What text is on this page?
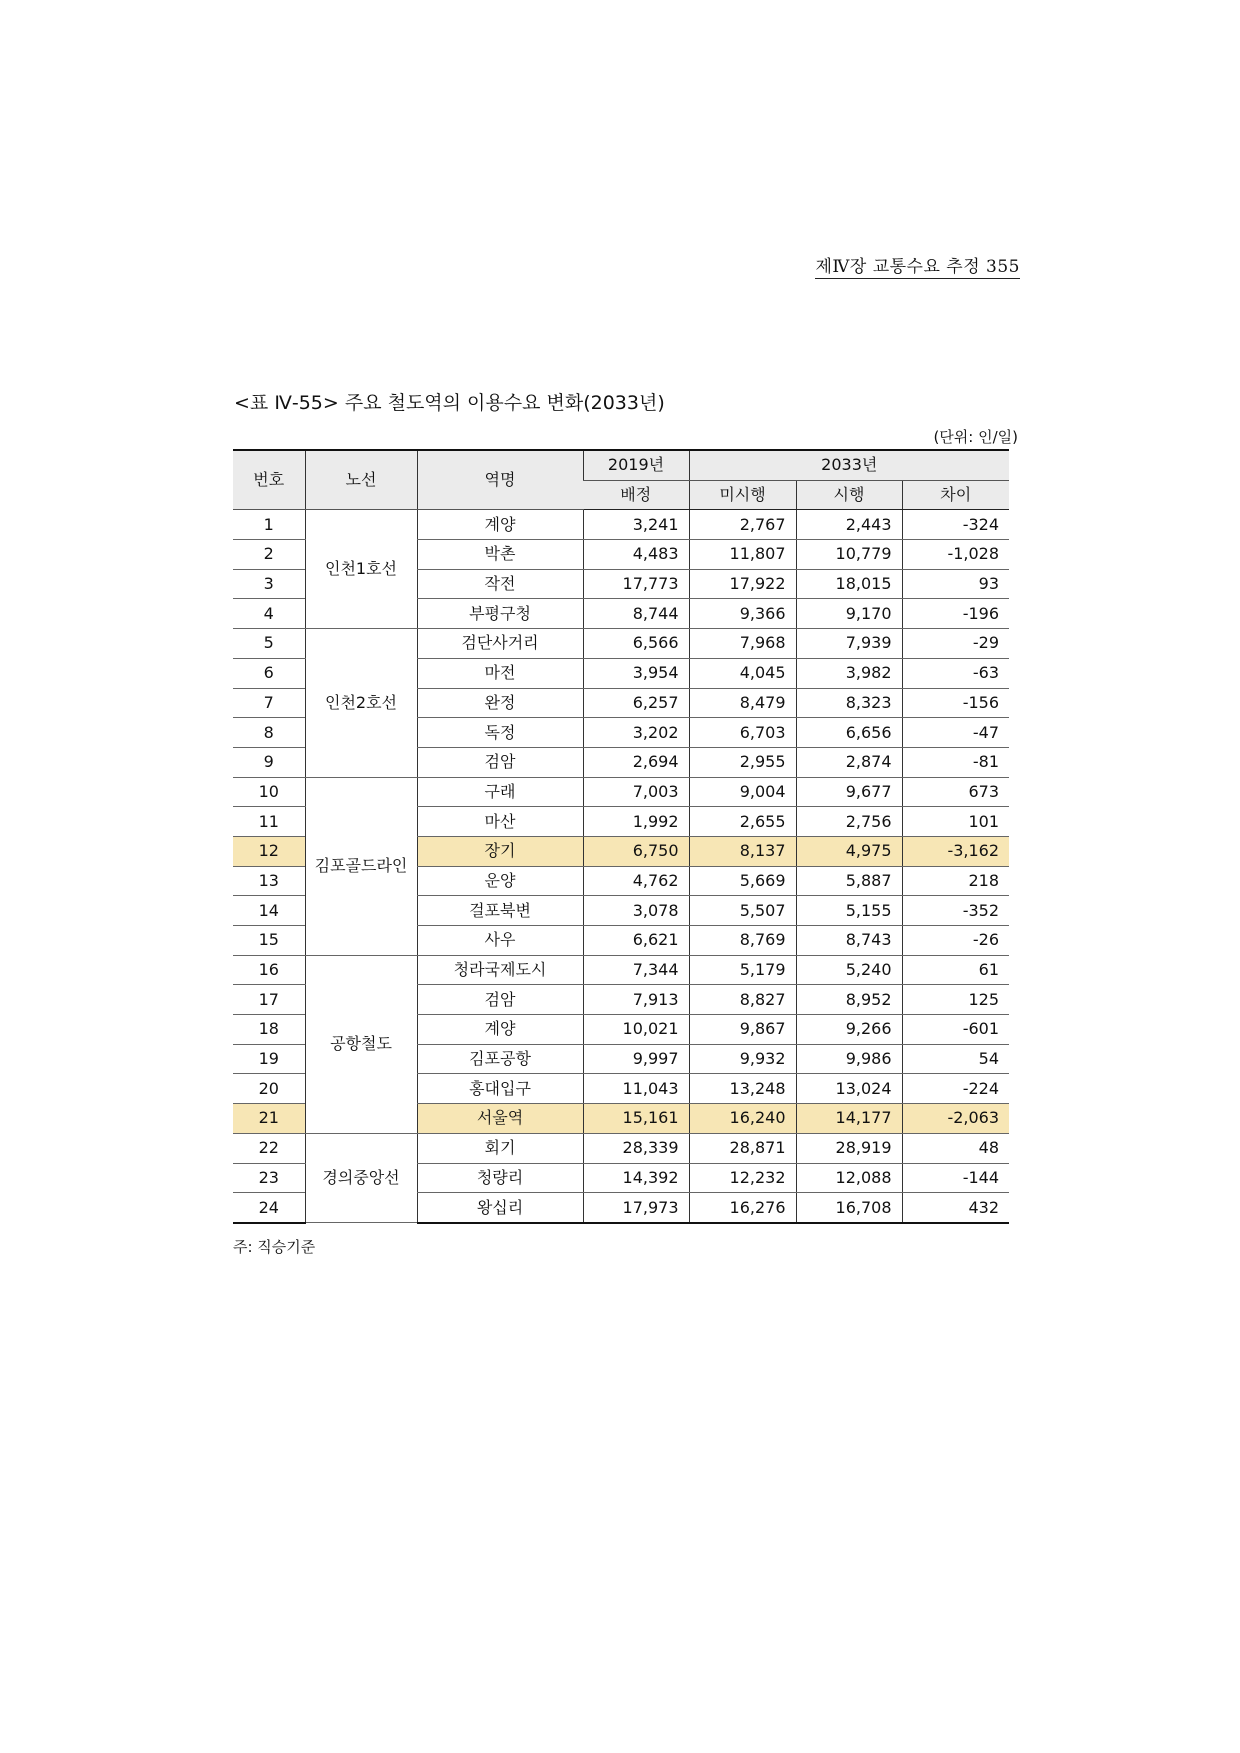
제Ⅳ장 교통수요 추정 355
<표 Ⅳ-55> 주요 철도역의 이용수요 변화(2033년)
(단위: 인/일)
번호	노선	역명	2019년	2033년		
			배정	미시행	시행	차이
1	인천1호선	계양	3,241	2,767	2,443	-324
2		박촌	4,483	11,807	10,779	-1,028
3		작전	17,773	17,922	18,015	93
4		부평구청	8,744	9,366	9,170	-196
5	인천2호선	검단사거리	6,566	7,968	7,939	-29
6		마전	3,954	4,045	3,982	-63
7		완정	6,257	8,479	8,323	-156
8		독정	3,202	6,703	6,656	-47
9		검암	2,694	2,955	2,874	-81
10	김포골드라인	구래	7,003	9,004	9,677	673
11		마산	1,992	2,655	2,756	101
12		장기	6,750	8,137	4,975	-3,162
13		운양	4,762	5,669	5,887	218
14		걸포북변	3,078	5,507	5,155	-352
15		사우	6,621	8,769	8,743	-26
16	공항철도	청라국제도시	7,344	5,179	5,240	61
17		검암	7,913	8,827	8,952	125
18		계양	10,021	9,867	9,266	-601
19		김포공항	9,997	9,932	9,986	54
20		홍대입구	11,043	13,248	13,024	-224
21		서울역	15,161	16,240	14,177	-2,063
22	경의중앙선	회기	28,339	28,871	28,919	48
23		청량리	14,392	12,232	12,088	-144
24		왕십리	17,973	16,276	16,708	432
주: 직승기준
